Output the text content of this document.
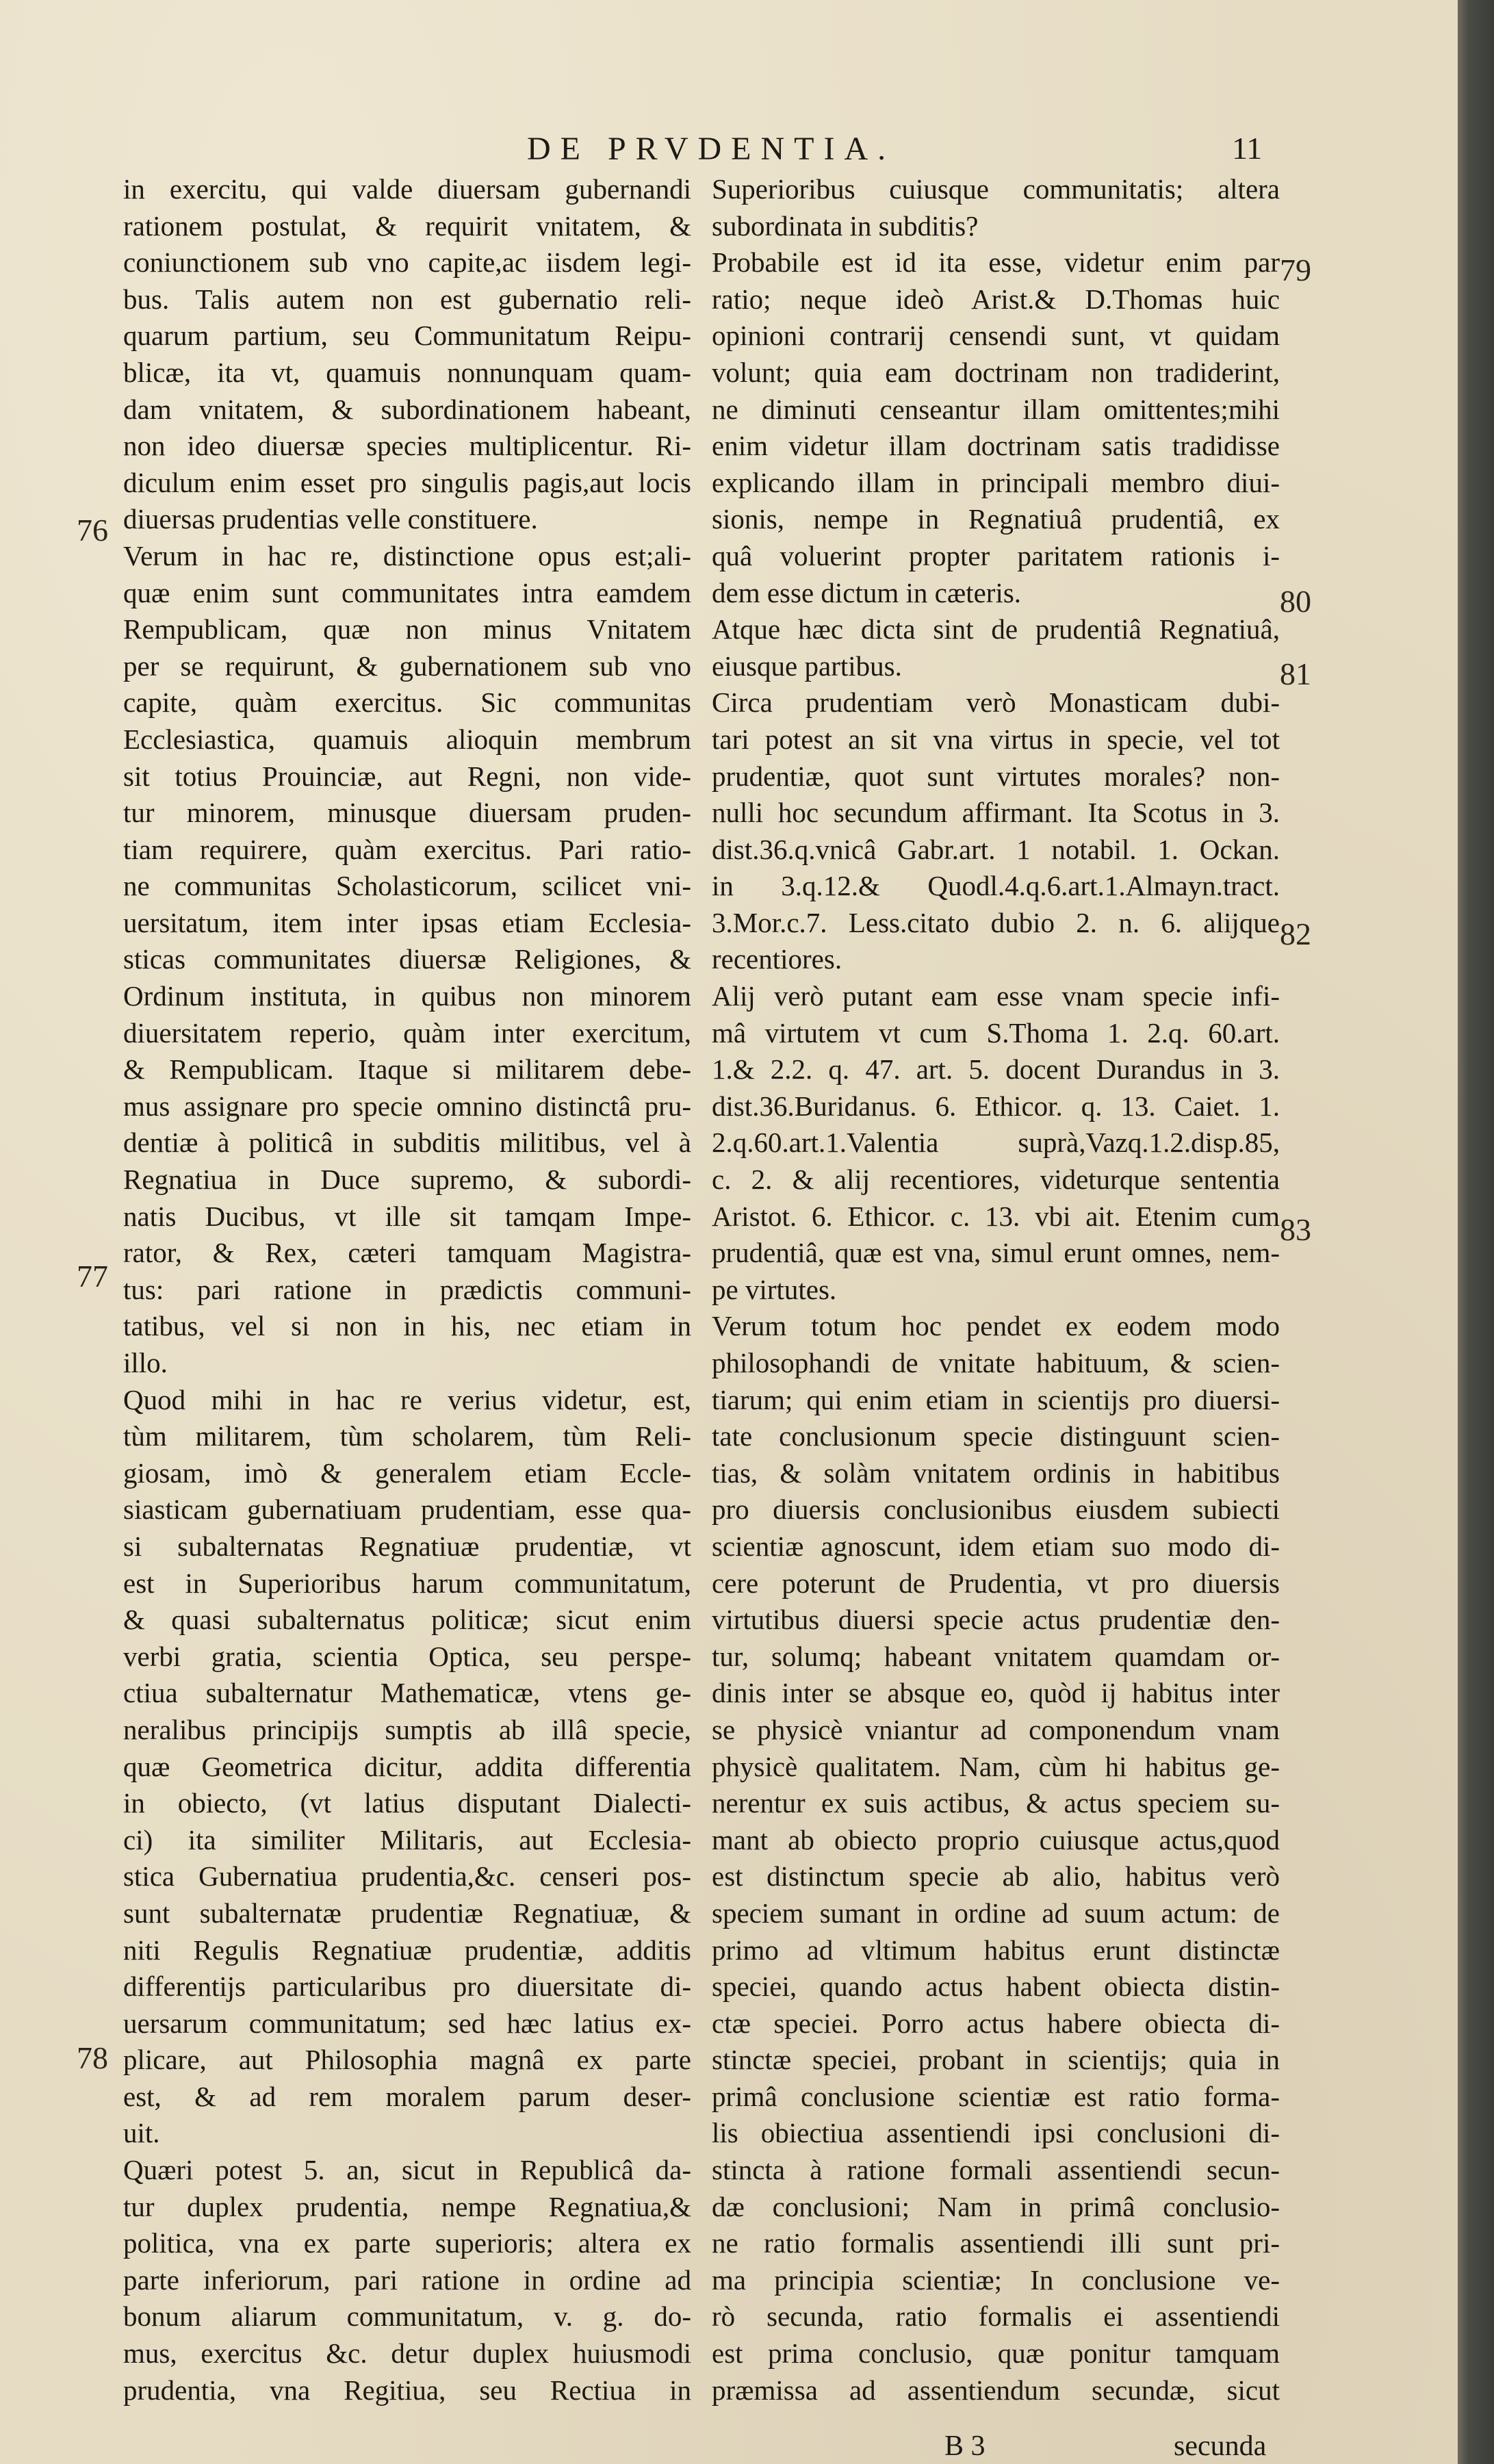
DE PRVDENTIA.	11
in exercitu, qui valde diuersam gubernandi
rationem postulat, & requirit vnitatem, &
coniunctionem sub vno capite,ac iisdem legi-
bus. Talis autem non est gubernatio reli-
quarum partium, seu Communitatum Reipu-
blicæ, ita vt, quamuis nonnunquam quam-
dam vnitatem, & subordinationem habeant,
non ideo diuersæ species multiplicentur. Ri-
diculum enim esset pro singulis pagis,aut locis
diuersas prudentias velle constituere.
Verum in hac re, distinctione opus est;ali-
quæ enim sunt communitates intra eamdem
Rempublicam, quæ non minus Vnitatem
per se requirunt, & gubernationem sub vno
capite, quàm exercitus. Sic communitas
Ecclesiastica, quamuis alioquin membrum
sit totius Prouinciæ, aut Regni, non vide-
tur minorem, minusque diuersam pruden-
tiam requirere, quàm exercitus. Pari ratio-
ne communitas Scholasticorum, scilicet vni-
uersitatum, item inter ipsas etiam Ecclesia-
sticas communitates diuersæ Religiones, &
Ordinum instituta, in quibus non minorem
diuersitatem reperio, quàm inter exercitum,
& Rempublicam. Itaque si militarem debe-
mus assignare pro specie omnino distinctâ pru-
dentiæ à politicâ in subditis militibus, vel à
Regnatiua in Duce supremo, & subordi-
natis Ducibus, vt ille sit tamqam Impe-
rator, & Rex, cæteri tamquam Magistra-
tus: pari ratione in prædictis communi-
tatibus, vel si non in his, nec etiam in
illo.
Quod mihi in hac re verius videtur, est,
tùm militarem, tùm scholarem, tùm Reli-
giosam, imò & generalem etiam Eccle-
siasticam gubernatiuam prudentiam, esse qua-
si subalternatas Regnatiuæ prudentiæ, vt
est in Superioribus harum communitatum,
& quasi subalternatus politicæ; sicut enim
verbi gratia, scientia Optica, seu perspe-
ctiua subalternatur Mathematicæ, vtens ge-
neralibus principijs sumptis ab illâ specie,
quæ Geometrica dicitur, addita differentia
in obiecto, (vt latius disputant Dialecti-
ci) ita similiter Militaris, aut Ecclesia-
stica Gubernatiua prudentia,&c. censeri pos-
sunt subalternatæ prudentiæ Regnatiuæ, &
niti Regulis Regnatiuæ prudentiæ, additis
differentijs particularibus pro diuersitate di-
uersarum communitatum; sed hæc latius ex-
plicare, aut Philosophia magnâ ex parte
est, & ad rem moralem parum deser-
uit.
Quæri potest 5. an, sicut in Republicâ da-
tur duplex prudentia, nempe Regnatiua,&
politica, vna ex parte superioris; altera ex
parte inferiorum, pari ratione in ordine ad
bonum aliarum communitatum, v. g. do-
mus, exercitus &c. detur duplex huiusmodi
prudentia, vna Regitiua, seu Rectiua in
Superioribus cuiusque communitatis; altera
subordinata in subditis?
Probabile est id ita esse, videtur enim par
ratio; neque ideò Arist.& D.Thomas huic
opinioni contrarij censendi sunt, vt quidam
volunt; quia eam doctrinam non tradiderint,
ne diminuti censeantur illam omittentes;mihi
enim videtur illam doctrinam satis tradidisse
explicando illam in principali membro diui-
sionis, nempe in Regnatiuâ prudentiâ, ex
quâ voluerint propter paritatem rationis i-
dem esse dictum in cæteris.
Atque hæc dicta sint de prudentiâ Regnatiuâ,
eiusque partibus.
Circa prudentiam verò Monasticam dubi-
tari potest an sit vna virtus in specie, vel tot
prudentiæ, quot sunt virtutes morales? non-
nulli hoc secundum affirmant. Ita Scotus in 3.
dist.36.q.vnicâ Gabr.art. 1 notabil. 1. Ockan.
in 3.q.12.& Quodl.4.q.6.art.1.Almayn.tract.
3.Mor.c.7. Less.citato dubio 2. n. 6. alijque
recentiores.
Alij verò putant eam esse vnam specie infi-
mâ virtutem vt cum S.Thoma 1. 2.q. 60.art.
1.& 2.2. q. 47. art. 5. docent Durandus in 3.
dist.36.Buridanus. 6. Ethicor. q. 13. Caiet. 1.
2.q.60.art.1.Valentia suprà,Vazq.1.2.disp.85,
c. 2. & alij recentiores, videturque sententia
Aristot. 6. Ethicor. c. 13. vbi ait. Etenim cum
prudentiâ, quæ est vna, simul erunt omnes, nem-
pe virtutes.
Verum totum hoc pendet ex eodem modo
philosophandi de vnitate habituum, & scien-
tiarum; qui enim etiam in scientijs pro diuersi-
tate conclusionum specie distinguunt scien-
tias, & solàm vnitatem ordinis in habitibus
pro diuersis conclusionibus eiusdem subiecti
scientiæ agnoscunt, idem etiam suo modo di-
cere poterunt de Prudentia, vt pro diuersis
virtutibus diuersi specie actus prudentiæ den-
tur, solumq; habeant vnitatem quamdam or-
dinis inter se absque eo, quòd ij habitus inter
se physicè vniantur ad componendum vnam
physicè qualitatem. Nam, cùm hi habitus ge-
nerentur ex suis actibus, & actus speciem su-
mant ab obiecto proprio cuiusque actus,quod
est distinctum specie ab alio, habitus verò
speciem sumant in ordine ad suum actum: de
primo ad vltimum habitus erunt distinctæ
speciei, quando actus habent obiecta distin-
ctæ speciei. Porro actus habere obiecta di-
stinctæ speciei, probant in scientijs; quia in
primâ conclusione scientiæ est ratio forma-
lis obiectiua assentiendi ipsi conclusioni di-
stincta à ratione formali assentiendi secun-
dæ conclusioni; Nam in primâ conclusio-
ne ratio formalis assentiendi illi sunt pri-
ma principia scientiæ; In conclusione ve-
rò secunda, ratio formalis ei assentiendi
est prima conclusio, quæ ponitur tamquam
præmissa ad assentiendum secundæ, sicut
76
77
78
79
80
81
82
83
B 3	secunda
